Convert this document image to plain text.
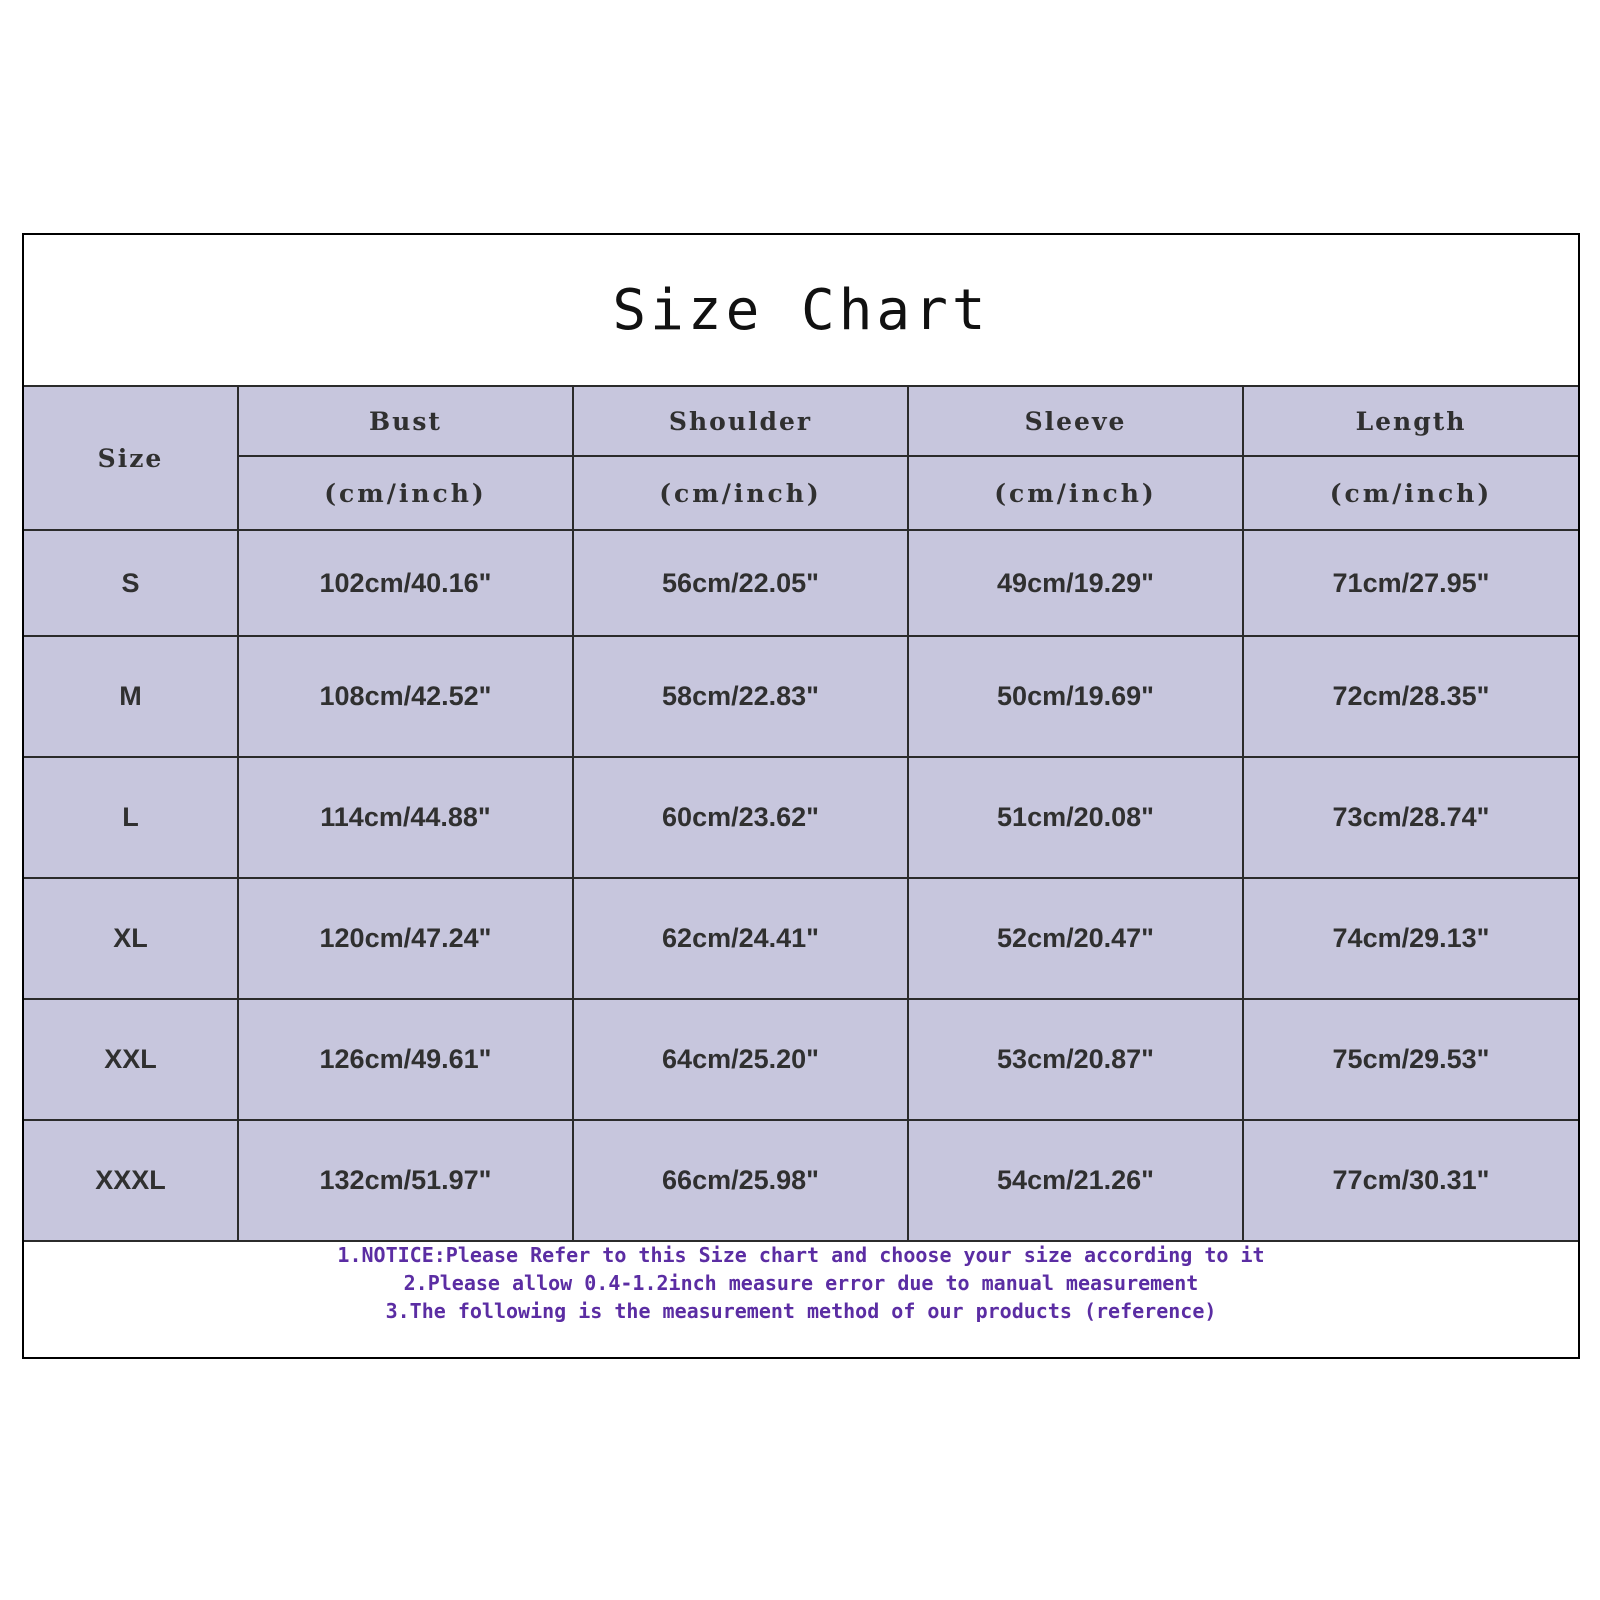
Size Chart
Size	Bust	Shoulder	Sleeve	Length
	(cm/inch)	(cm/inch)	(cm/inch)	(cm/inch)
S	102cm/40.16"	56cm/22.05"	49cm/19.29"	71cm/27.95"
M	108cm/42.52"	58cm/22.83"	50cm/19.69"	72cm/28.35"
L	114cm/44.88"	60cm/23.62"	51cm/20.08"	73cm/28.74"
XL	120cm/47.24"	62cm/24.41"	52cm/20.47"	74cm/29.13"
XXL	126cm/49.61"	64cm/25.20"	53cm/20.87"	75cm/29.53"
XXXL	132cm/51.97"	66cm/25.98"	54cm/21.26"	77cm/30.31"
1.NOTICE:Please Refer to this Size chart and choose your size according to it
2.Please allow 0.4-1.2inch measure error due to manual measurement
3.The following is the measurement method of our products (reference)
